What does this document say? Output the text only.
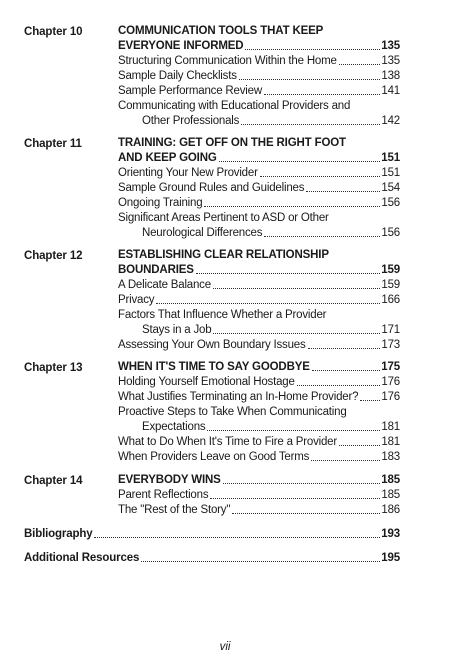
Chapter 10	COMMUNICATION TOOLS THAT KEEP
EVERYONE INFORMED	135
Structuring Communication Within the Home	135
Sample Daily Checklists	138
Sample Performance Review	141
Communicating with Educational Providers and
Other Professionals	142
Chapter 11	TRAINING: GET OFF ON THE RIGHT FOOT
AND KEEP GOING	151
Orienting Your New Provider	151
Sample Ground Rules and Guidelines	154
Ongoing Training	156
Significant Areas Pertinent to ASD or Other
Neurological Differences	156
Chapter 12	ESTABLISHING CLEAR RELATIONSHIP
BOUNDARIES	159
A Delicate Balance	159
Privacy	166
Factors That Influence Whether a Provider
Stays in a Job	171
Assessing Your Own Boundary Issues	173
Chapter 13	WHEN IT'S TIME TO SAY GOODBYE	175
Holding Yourself Emotional Hostage	176
What Justifies Terminating an In-Home Provider? 176
Proactive Steps to Take When Communicating
Expectations	181
What to Do When It's Time to Fire a Provider	181
When Providers Leave on Good Terms	183
Chapter 14	EVERYBODY WINS	185
Parent Reflections	185
The "Rest of the Story"	186
Bibliography	193
Additional Resources	195
vii
